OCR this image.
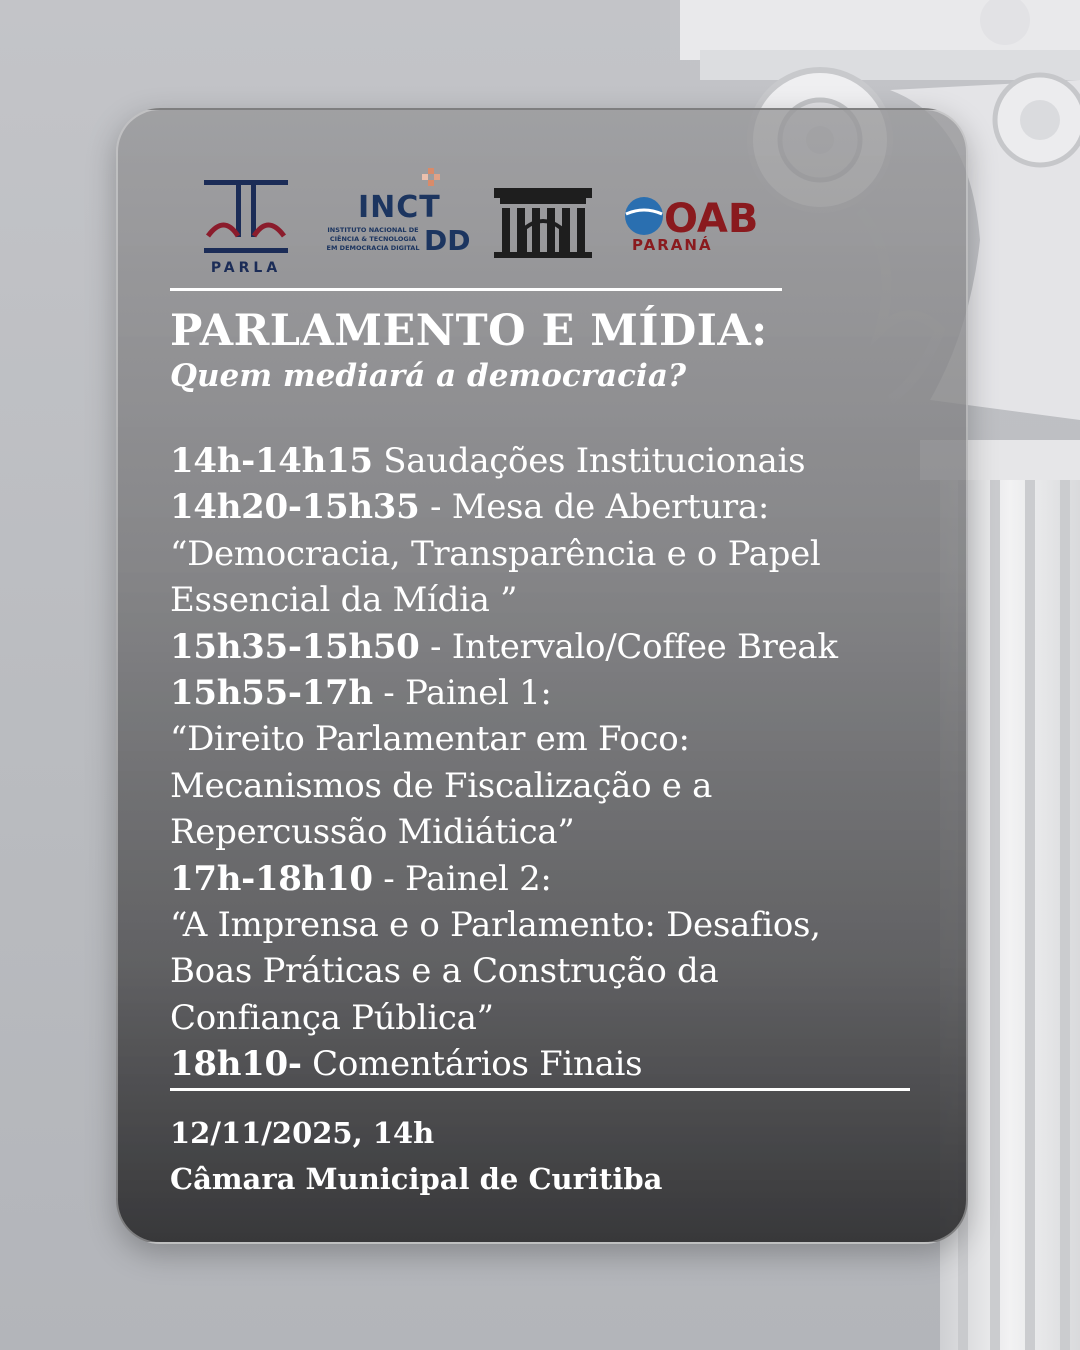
PARLA
INCT
INSTITUTO NACIONAL DE
CIÊNCIA & TECNOLOGIA
EM DEMOCRACIA DIGITAL DD	OAB
PARANÁ
PARLAMENTO E MÍDIA:
Quem mediará a democracia?
14h-14h15 Saudações Institucionais
14h20-15h35 - Mesa de Abertura:
“Democracia, Transparência e o Papel
Essencial da Mídia ”
15h35-15h50 - Intervalo/Coffee Break
15h55-17h - Painel 1:
“Direito Parlamentar em Foco:
Mecanismos de Fiscalização e a
Repercussão Midiática”
17h-18h10 - Painel 2:
“A Imprensa e o Parlamento: Desafios,
Boas Práticas e a Construção da
Confiança Pública”
18h10- Comentários Finais
12/11/2025, 14h
Câmara Municipal de Curitiba
